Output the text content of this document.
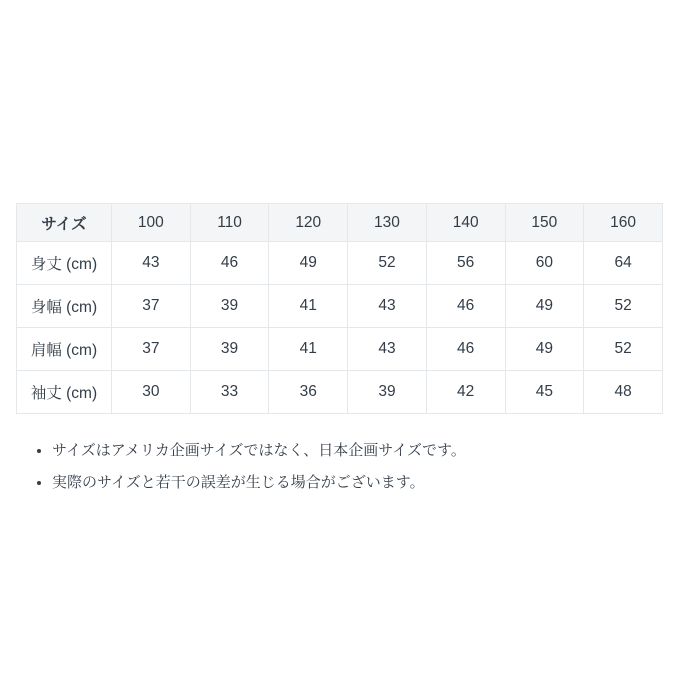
サイズ	100	110	120	130	140	150	160
身丈 (cm)	43	46	49	52	56	60	64
身幅 (cm)	37	39	41	43	46	49	52
肩幅 (cm)	37	39	41	43	46	49	52
袖丈 (cm)	30	33	36	39	42	45	48
• サイズはアメリカ企画サイズではなく、日本企画サイズです。
• 実際のサイズと若干の誤差が生じる場合がございます。
